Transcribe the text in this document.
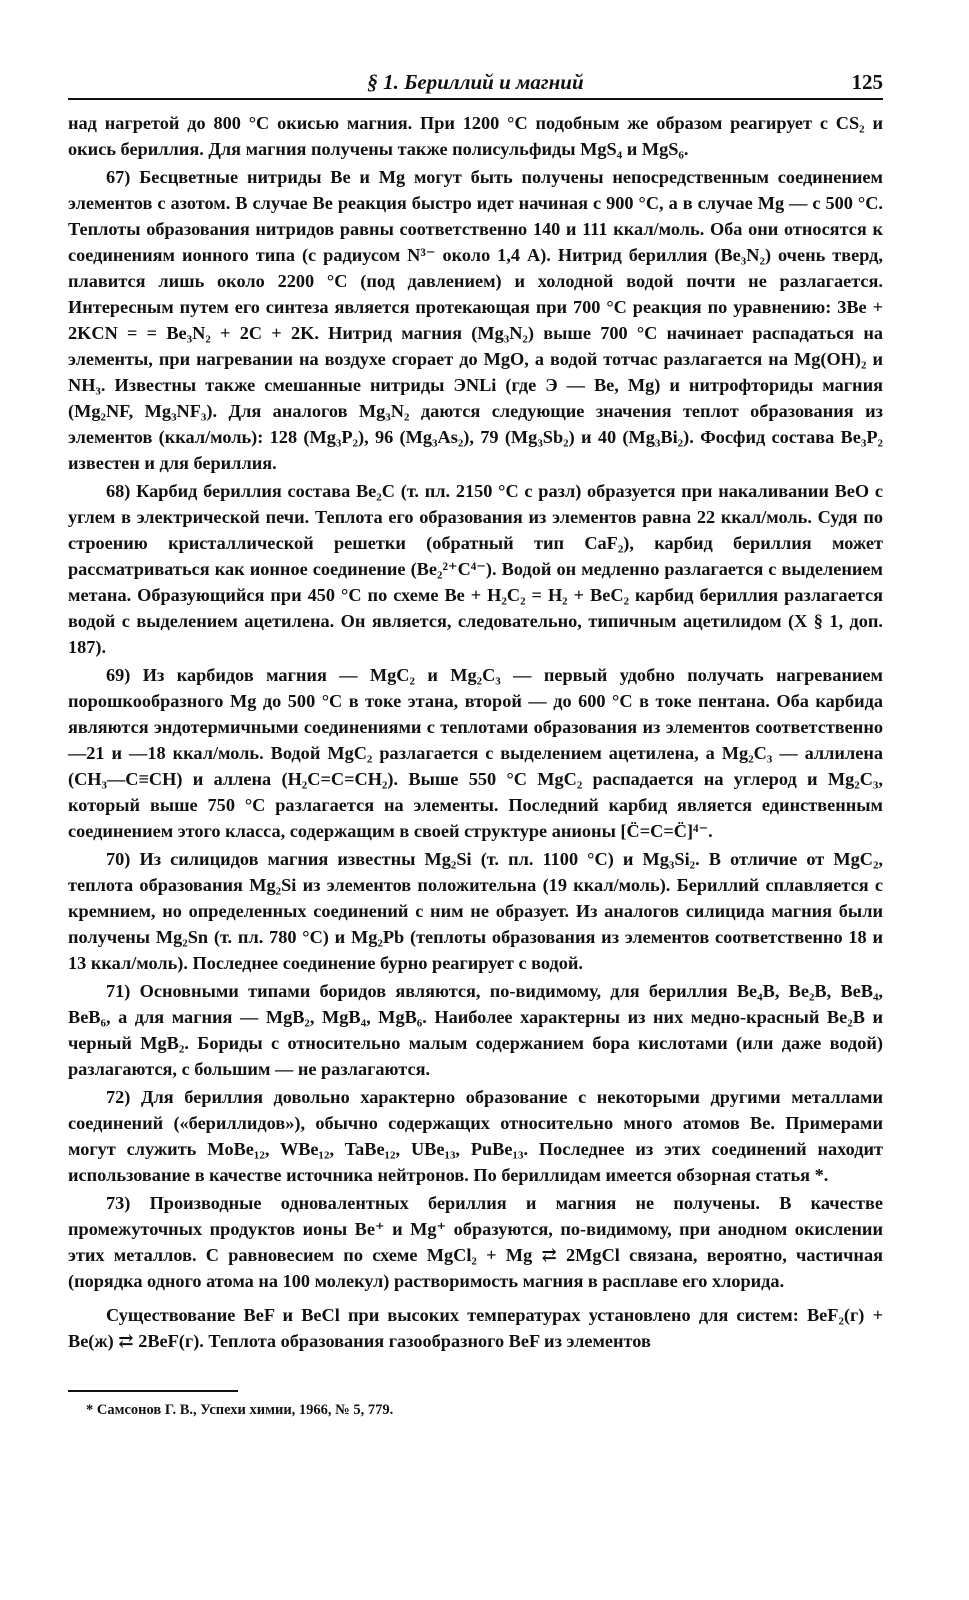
§ 1. Бериллий и магний	125

над нагретой до 800 °C окисью магния. При 1200 °C подобным же образом реагирует с CS₂ и окись бериллия. Для магния получены также полисульфиды MgS₄ и MgS₆.

67) Бесцветные нитриды Be и Mg могут быть получены непосредственным соединением элементов с азотом. В случае Be реакция быстро идет начиная с 900 °C, а в случае Mg — с 500 °C. Теплоты образования нитридов равны соответственно 140 и 111 ккал/моль. Оба они относятся к соединениям ионного типа (с радиусом N³⁻ около 1,4 A). Нитрид бериллия (Be₃N₂) очень тверд, плавится лишь около 2200 °C (под давлением) и холодной водой почти не разлагается. Интересным путем его синтеза является протекающая при 700 °C реакция по уравнению: 3Be + 2KCN = = Be₃N₂ + 2C + 2K. Нитрид магния (Mg₃N₂) выше 700 °C начинает распадаться на элементы, при нагревании на воздухе сгорает до MgO, а водой тотчас разлагается на Mg(OH)₂ и NH₃. Известны также смешанные нитриды ЭNLi (где Э — Be, Mg) и нитрофториды магния (Mg₂NF, Mg₃NF₃). Для аналогов Mg₃N₂ даются следующие значения теплот образования из элементов (ккал/моль): 128 (Mg₃P₂), 96 (Mg₃As₂), 79 (Mg₃Sb₂) и 40 (Mg₃Bi₂). Фосфид состава Be₃P₂ известен и для бериллия.

68) Карбид бериллия состава Be₂C (т. пл. 2150 °C с разл) образуется при накаливании BeO с углем в электрической печи. Теплота его образования из элементов равна 22 ккал/моль. Судя по строению кристаллической решетки (обратный тип CaF₂), карбид бериллия может рассматриваться как ионное соединение (Be₂²⁺C⁴⁻). Водой он медленно разлагается с выделением метана. Образующийся при 450 °C по схеме Be + H₂C₂ = H₂ + BeC₂ карбид бериллия разлагается водой с выделением ацетилена. Он является, следовательно, типичным ацетилидом (X § 1, доп. 187).

69) Из карбидов магния — MgC₂ и Mg₂C₃ — первый удобно получать нагреванием порошкообразного Mg до 500 °C в токе этана, второй — до 600 °C в токе пентана. Оба карбида являются эндотермичными соединениями с теплотами образования из элементов соответственно —21 и —18 ккал/моль. Водой MgC₂ разлагается с выделением ацетилена, а Mg₂C₃ — аллилена (CH₃—C≡CH) и аллена (H₂C=C=CH₂). Выше 550 °C MgC₂ распадается на углерод и Mg₂C₃, который выше 750 °C разлагается на элементы. Последний карбид является единственным соединением этого класса, содержащим в своей структуре анионы [C̈=C=C̈]⁴⁻.

70) Из силицидов магния известны Mg₂Si (т. пл. 1100 °C) и Mg₃Si₂. В отличие от MgC₂, теплота образования Mg₂Si из элементов положительна (19 ккал/моль). Бериллий сплавляется с кремнием, но определенных соединений с ним не образует. Из аналогов силицида магния были получены Mg₂Sn (т. пл. 780 °C) и Mg₂Pb (теплоты образования из элементов соответственно 18 и 13 ккал/моль). Последнее соединение бурно реагирует с водой.

71) Основными типами боридов являются, по-видимому, для бериллия Be₄B, Be₂B, BeB₄, BeB₆, а для магния — MgB₂, MgB₄, MgB₆. Наиболее характерны из них медно-красный Be₂B и черный MgB₂. Бориды с относительно малым содержанием бора кислотами (или даже водой) разлагаются, с большим — не разлагаются.

72) Для бериллия довольно характерно образование с некоторыми другими металлами соединений («бериллидов»), обычно содержащих относительно много атомов Be. Примерами могут служить MoBe₁₂, WBe₁₂, TaBe₁₂, UBe₁₃, PuBe₁₃. Последнее из этих соединений находит использование в качестве источника нейтронов. По бериллидам имеется обзорная статья *.

73) Производные одновалентных бериллия и магния не получены. В качестве промежуточных продуктов ионы Be⁺ и Mg⁺ образуются, по-видимому, при анодном окислении этих металлов. С равновесием по схеме MgCl₂ + Mg ⇄ 2MgCl связана, вероятно, частичная (порядка одного атома на 100 молекул) растворимость магния в расплаве его хлорида.

Существование BeF и BeCl при высоких температурах установлено для систем: BeF₂(г) + Be(ж) ⇄ 2BeF(г). Теплота образования газообразного BeF из элементов

* Самсонов Г. В., Успехи химии, 1966, № 5, 779.
